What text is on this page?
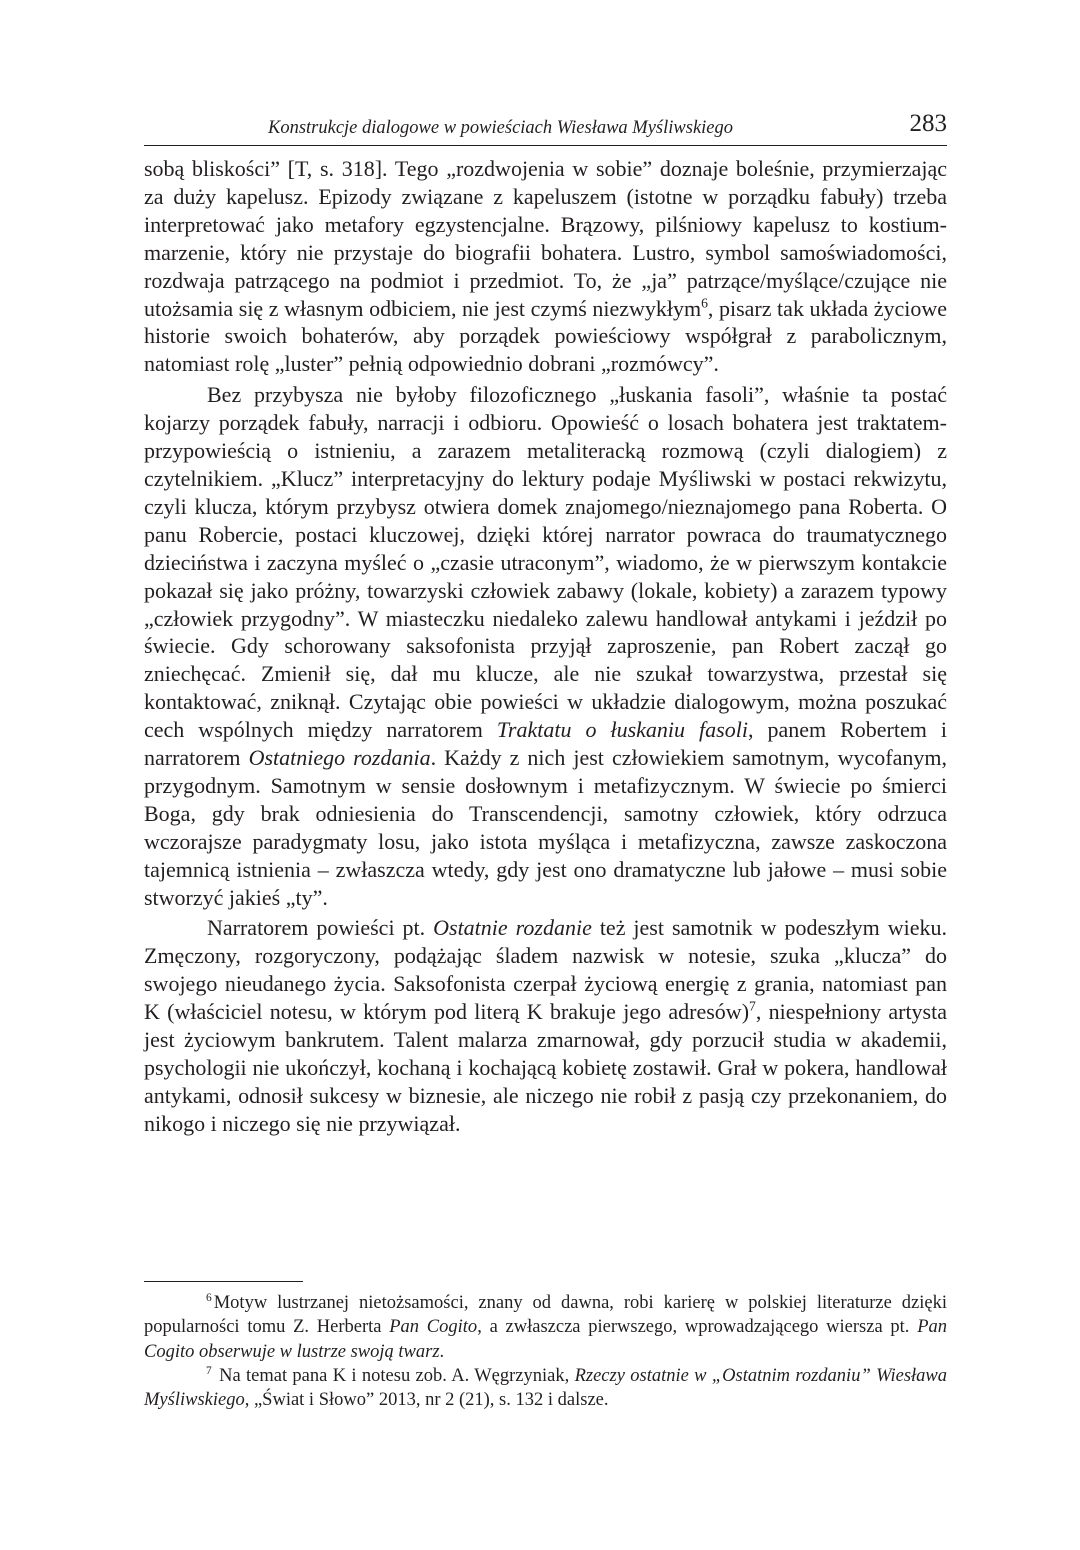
Konstrukcje dialogowe w powieściach Wiesława Myśliwskiego	283

sobą bliskości” [T, s. 318]. Tego „rozdwojenia w sobie” doznaje boleśnie, przymierzając za duży kapelusz. Epizody związane z kapeluszem (istotne w porządku fabuły) trzeba interpretować jako metafory egzystencjalne. Brązowy, pilśniowy kapelusz to kostium-marzenie, który nie przystaje do biografii bohatera. Lustro, symbol samoświadomości, rozdwaja patrzącego na podmiot i przedmiot. To, że „ja” patrzące/myślące/czujące nie utożsamia się z własnym odbiciem, nie jest czymś niezwykłym$^6$, pisarz tak układa życiowe historie swoich bohaterów, aby porządek powieściowy współgrał z parabolicznym, natomiast rolę „luster” pełnią odpowiednio dobrani „rozmówcy”.

Bez przybysza nie byłoby filozoficznego „łuskania fasoli”, właśnie ta postać kojarzy porządek fabuły, narracji i odbioru. Opowieść o losach bohatera jest traktatem-przypowieścią o istnieniu, a zarazem metaliteracką rozmową (czyli dialogiem) z czytelnikiem. „Klucz” interpretacyjny do lektury podaje Myśliwski w postaci rekwizytu, czyli klucza, którym przybysz otwiera domek znajomego/nieznajomego pana Roberta. O panu Robercie, postaci kluczowej, dzięki której narrator powraca do traumatycznego dzieciństwa i zaczyna myśleć o „czasie utraconym”, wiadomo, że w pierwszym kontakcie pokazał się jako próżny, towarzyski człowiek zabawy (lokale, kobiety) a zarazem typowy „człowiek przygodny”. W miasteczku niedaleko zalewu handlował antykami i jeździł po świecie. Gdy schorowany saksofonista przyjął zaproszenie, pan Robert zaczął go zniechęcać. Zmienił się, dał mu klucze, ale nie szukał towarzystwa, przestał się kontaktować, zniknął. Czytając obie powieści w układzie dialogowym, można poszukać cech wspólnych między narratorem Traktatu o łuskaniu fasoli, panem Robertem i narratorem Ostatniego rozdania. Każdy z nich jest człowiekiem samotnym, wycofanym, przygodnym. Samotnym w sensie dosłownym i metafizycznym. W świecie po śmierci Boga, gdy brak odniesienia do Transcendencji, samotny człowiek, który odrzuca wczorajsze paradygmaty losu, jako istota myśląca i metafizyczna, zawsze zaskoczona tajemnicą istnienia – zwłaszcza wtedy, gdy jest ono dramatyczne lub jałowe – musi sobie stworzyć jakieś „ty”.

Narratorem powieści pt. Ostatnie rozdanie też jest samotnik w podeszłym wieku. Zmęczony, rozgoryczony, podążając śladem nazwisk w notesie, szuka „klucza” do swojego nieudanego życia. Saksofonista czerpał życiową energię z grania, natomiast pan K (właściciel notesu, w którym pod literą K brakuje jego adresów)$^7$, niespełniony artysta jest życiowym bankrutem. Talent malarza zmarnował, gdy porzucił studia w akademii, psychologii nie ukończył, kochaną i kochającą kobietę zostawił. Grał w pokera, handlował antykami, odnosił sukcesy w biznesie, ale niczego nie robił z pasją czy przekonaniem, do nikogo i niczego się nie przywiązał.

$^6$ Motyw lustrzanej nietożsamości, znany od dawna, robi karierę w polskiej literaturze dzięki popularności tomu Z. Herberta Pan Cogito, a zwłaszcza pierwszego, wprowadzającego wiersza pt. Pan Cogito obserwuje w lustrze swoją twarz.

$^7$ Na temat pana K i notesu zob. A. Węgrzyniak, Rzeczy ostatnie w „Ostatnim rozdaniu” Wiesława Myśliwskiego, „Świat i Słowo” 2013, nr 2 (21), s. 132 i dalsze.
